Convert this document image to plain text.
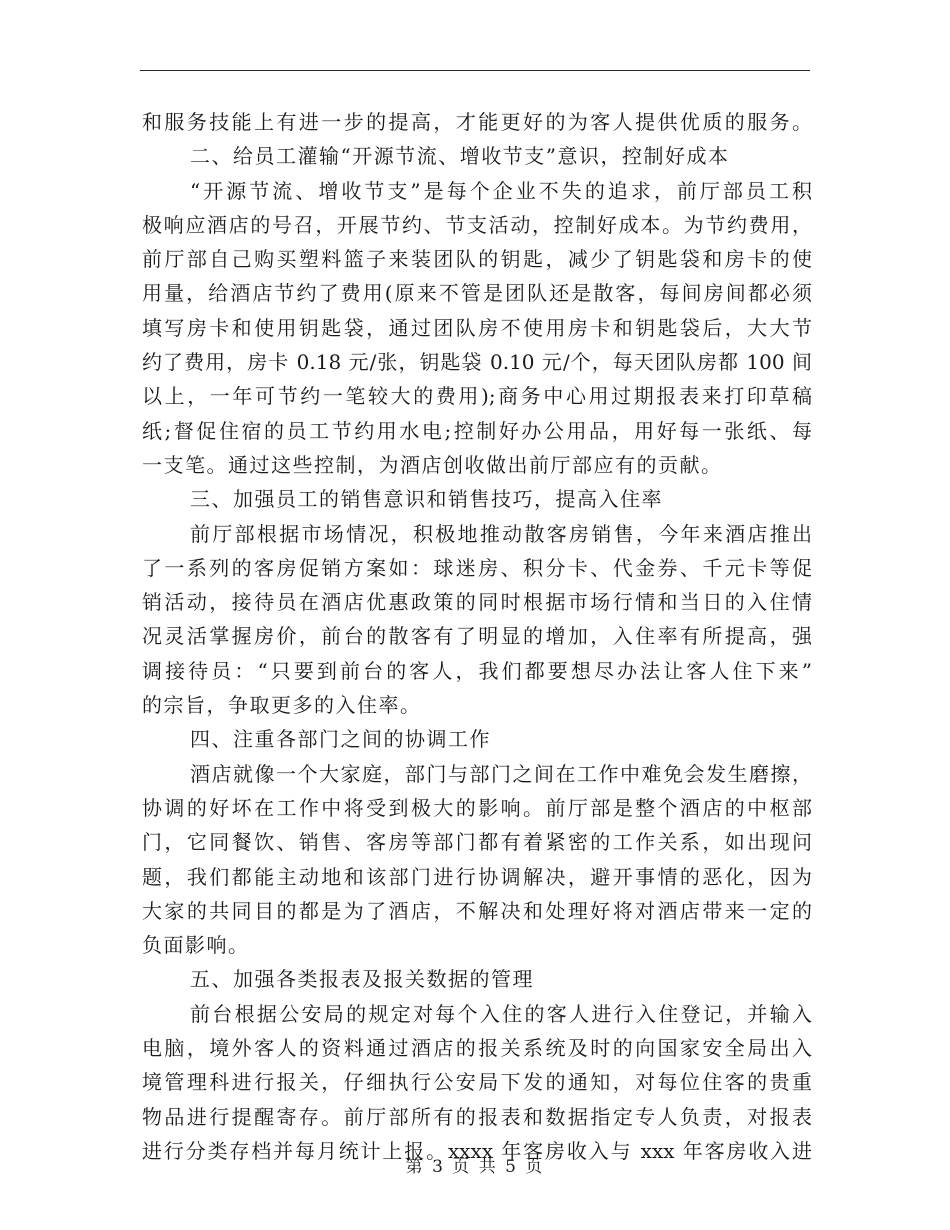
和服务技能上有进一步的提高，才能更好的为客人提供优质的服务。
二、给员工灌输“开源节流、增收节支”意识，控制好成本
“开源节流、增收节支”是每个企业不失的追求，前厅部员工积
极响应酒店的号召，开展节约、节支活动，控制好成本。为节约费用，
前厅部自己购买塑料篮子来装团队的钥匙，减少了钥匙袋和房卡的使
用量，给酒店节约了费用(原来不管是团队还是散客，每间房间都必须
填写房卡和使用钥匙袋，通过团队房不使用房卡和钥匙袋后，大大节
约了费用，房卡 0.18 元/张，钥匙袋 0.10 元/个，每天团队房都 100 间
以上，一年可节约一笔较大的费用);商务中心用过期报表来打印草稿
纸;督促住宿的员工节约用水电;控制好办公用品，用好每一张纸、每
一支笔。通过这些控制，为酒店创收做出前厅部应有的贡献。
三、加强员工的销售意识和销售技巧，提高入住率
前厅部根据市场情况，积极地推动散客房销售，今年来酒店推出
了一系列的客房促销方案如：球迷房、积分卡、代金券、千元卡等促
销活动，接待员在酒店优惠政策的同时根据市场行情和当日的入住情
况灵活掌握房价，前台的散客有了明显的增加，入住率有所提高，强
调接待员：“只要到前台的客人，我们都要想尽办法让客人住下来”
的宗旨，争取更多的入住率。
四、注重各部门之间的协调工作
酒店就像一个大家庭，部门与部门之间在工作中难免会发生磨擦，
协调的好坏在工作中将受到极大的影响。前厅部是整个酒店的中枢部
门，它同餐饮、销售、客房等部门都有着紧密的工作关系，如出现问
题，我们都能主动地和该部门进行协调解决，避开事情的恶化，因为
大家的共同目的都是为了酒店，不解决和处理好将对酒店带来一定的
负面影响。
五、加强各类报表及报关数据的管理
前台根据公安局的规定对每个入住的客人进行入住登记，并输入
电脑，境外客人的资料通过酒店的报关系统及时的向国家安全局出入
境管理科进行报关，仔细执行公安局下发的通知，对每位住客的贵重
物品进行提醒寄存。前厅部所有的报表和数据指定专人负责，对报表
进行分类存档并每月统计上报。xxxx 年客房收入与 xxx 年客房收入进
第 3 页 共 5 页
